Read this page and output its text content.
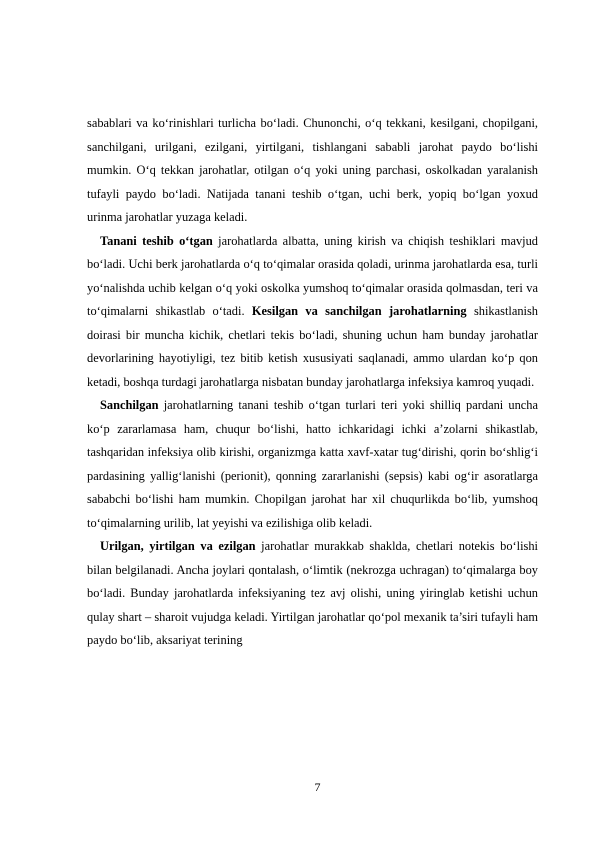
sabablari va ko‘rinishlari turlicha bo‘ladi. Chunonchi, o‘q tekkani, kesilgani, chopilgani, sanchilgani, urilgani, ezilgani, yirtilgani, tishlangani sababli jarohat paydo bo‘lishi mumkin. O‘q tekkan jarohatlar, otilgan o‘q yoki uning parchasi, oskolkadan yaralanish tufayli paydo bo‘ladi. Natijada tanani teshib o‘tgan, uchi berk, yopiq bo‘lgan yoxud urinma jarohatlar yuzaga keladi.

Tanani teshib o‘tgan jarohatlarda albatta, uning kirish va chiqish teshiklari mavjud bo‘ladi. Uchi berk jarohatlarda o‘q to‘qimalar orasida qoladi, urinma jarohatlarda esa, turli yo‘nalishda uchib kelgan o‘q yoki oskolka yumshoq to‘qimalar orasida qolmasdan, teri va to‘qimalarni shikastlab o‘tadi. Kesilgan va sanchilgan jarohatlarning shikastlanish doirasi bir muncha kichik, chetlari tekis bo‘ladi, shuning uchun ham bunday jarohatlar devorlarining hayotiyligi, tez bitib ketish xususiyati saqlanadi, ammo ulardan ko‘p qon ketadi, boshqa turdagi jarohatlarga nisbatan bunday jarohatlarga infeksiya kamroq yuqadi.

Sanchilgan jarohatlarning tanani teshib o‘tgan turlari teri yoki shilliq pardani uncha ko‘p zararlamasa ham, chuqur bo‘lishi, hatto ichkaridagi ichki a’zolarni shikastlab, tashqaridan infeksiya olib kirishi, organizmga katta xavf-xatar tug‘dirishi, qorin bo‘shlig‘i pardasining yallig‘lanishi (perionit), qonning zararlanishi (sepsis) kabi og‘ir asoratlarga sababchi bo‘lishi ham mumkin. Chopilgan jarohat har xil chuqurlikda bo‘lib, yumshoq to‘qimalarning urilib, lat yeyishi va ezilishiga olib keladi.

Urilgan, yirtilgan va ezilgan jarohatlar murakkab shaklda, chetlari notekis bo‘lishi bilan belgilanadi. Ancha joylari qontalash, o‘limtik (nekrozga uchragan) to‘qimalarga boy bo‘ladi. Bunday jarohatlarda infeksiyaning tez avj olishi, uning yiringlab ketishi uchun qulay shart – sharoit vujudga keladi. Yirtilgan jarohatlar qo‘pol mexanik ta’siri tufayli ham paydo bo‘lib, aksariyat terining

7
